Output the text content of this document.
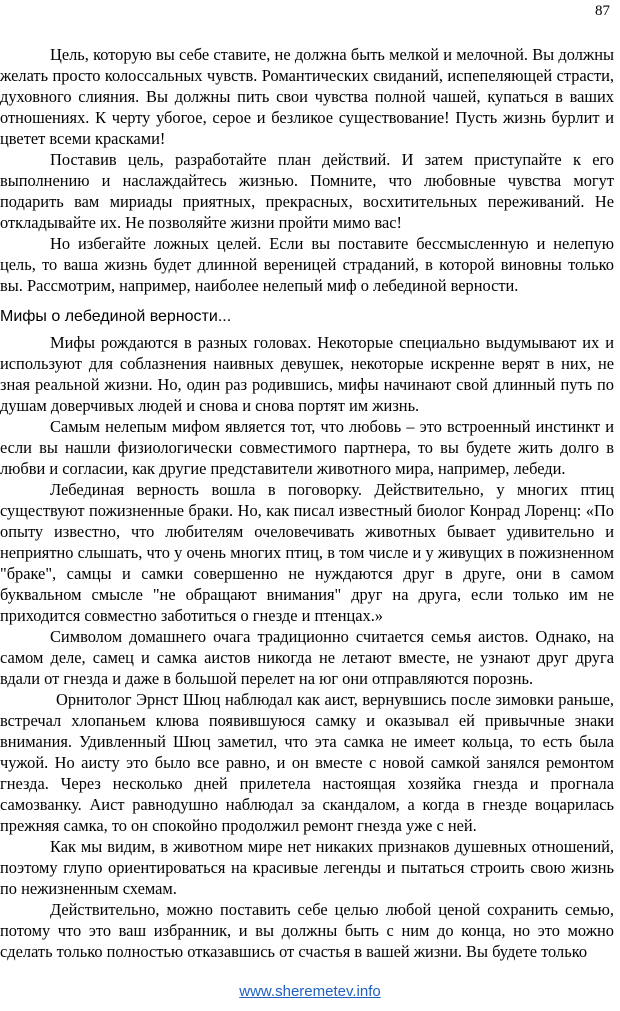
87

Цель, которую вы себе ставите, не должна быть мелкой и мелочной. Вы должны желать просто колоссальных чувств. Романтических свиданий, испепеляющей страсти, духовного слияния. Вы должны пить свои чувства полной чашей, купаться в ваших отношениях. К черту убогое, серое и безликое существование! Пусть жизнь бурлит и цветет всеми красками!

Поставив цель, разработайте план действий. И затем приступайте к его выполнению и наслаждайтесь жизнью. Помните, что любовные чувства могут подарить вам мириады приятных, прекрасных, восхитительных переживаний. Не откладывайте их. Не позволяйте жизни пройти мимо вас!

Но избегайте ложных целей. Если вы поставите бессмысленную и нелепую цель, то ваша жизнь будет длинной вереницей страданий, в которой виновны только вы. Рассмотрим, например, наиболее нелепый миф о лебединой верности.

Мифы о лебединой верности...

Мифы рождаются в разных головах. Некоторые специально выдумывают их и используют для соблазнения наивных девушек, некоторые искренне верят в них, не зная реальной жизни. Но, один раз родившись, мифы начинают свой длинный путь по душам доверчивых людей и снова и снова портят им жизнь.

Самым нелепым мифом является тот, что любовь – это встроенный инстинкт и если вы нашли физиологически совместимого партнера, то вы будете жить долго в любви и согласии, как другие представители животного мира, например, лебеди.

Лебединая верность вошла в поговорку. Действительно, у многих птиц существуют пожизненные браки. Но, как писал известный биолог Конрад Лоренц: «По опыту известно, что любителям очеловечивать животных бывает удивительно и неприятно слышать, что у очень многих птиц, в том числе и у живущих в пожизненном "браке", самцы и самки совершенно не нуждаются друг в друге, они в самом буквальном смысле "не обращают внимания" друг на друга, если только им не приходится совместно заботиться о гнезде и птенцах.»

Символом домашнего очага традиционно считается семья аистов. Однако, на самом деле, самец и самка аистов никогда не летают вместе, не узнают друг друга вдали от гнезда и даже в большой перелет на юг они отправляются порознь.

Орнитолог Эрнст Шюц наблюдал как аист, вернувшись после зимовки раньше, встречал хлопаньем клюва появившуюся самку и оказывал ей привычные знаки внимания. Удивленный Шюц заметил, что эта самка не имеет кольца, то есть была чужой. Но аисту это было все равно, и он вместе с новой самкой занялся ремонтом гнезда. Через несколько дней прилетела настоящая хозяйка гнезда и прогнала самозванку. Аист равнодушно наблюдал за скандалом, а когда в гнезде воцарилась прежняя самка, то он спокойно продолжил ремонт гнезда уже с ней.

Как мы видим, в животном мире нет никаких признаков душевных отношений, поэтому глупо ориентироваться на красивые легенды и пытаться строить свою жизнь по нежизненным схемам.

Действительно, можно поставить себе целью любой ценой сохранить семью, потому что это ваш избранник, и вы должны быть с ним до конца, но это можно сделать только полностью отказавшись от счастья в вашей жизни. Вы будете только

www.sheremetev.info
